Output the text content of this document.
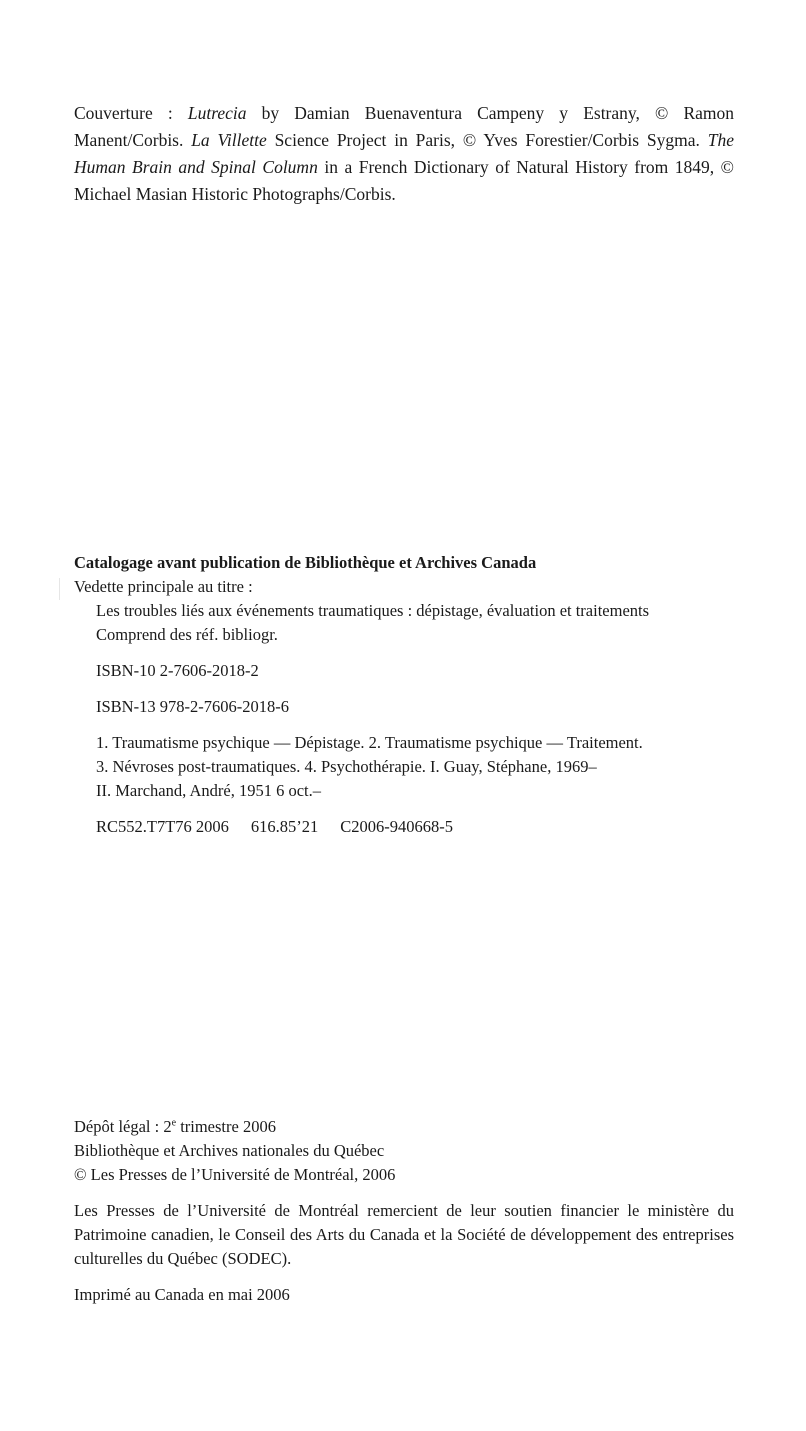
Couverture : Lutrecia by Damian Buenaventura Campeny y Estrany, © Ramon Manent/Corbis. La Villette Science Project in Paris, © Yves Forestier/Corbis Sygma. The Human Brain and Spinal Column in a French Dictionary of Natural History from 1849, © Michael Masian Historic Photographs/Corbis.

Catalogage avant publication de Bibliothèque et Archives Canada
Vedette principale au titre :
Les troubles liés aux événements traumatiques : dépistage, évaluation et traitements
Comprend des réf. bibliogr.
ISBN-10 2-7606-2018-2
ISBN-13 978-2-7606-2018-6
1. Traumatisme psychique — Dépistage. 2. Traumatisme psychique — Traitement.
3. Névroses post-traumatiques. 4. Psychothérapie. I. Guay, Stéphane, 1969–
II. Marchand, André, 1951 6 oct.–
RC552.T7T76 2006 616.85’21 C2006-940668-5
Dépôt légal : 2e trimestre 2006
Bibliothèque et Archives nationales du Québec
© Les Presses de l’Université de Montréal, 2006
Les Presses de l’Université de Montréal remercient de leur soutien financier le ministère du Patrimoine canadien, le Conseil des Arts du Canada et la Société de développement des entreprises culturelles du Québec (SODEC).
Imprimé au Canada en mai 2006
